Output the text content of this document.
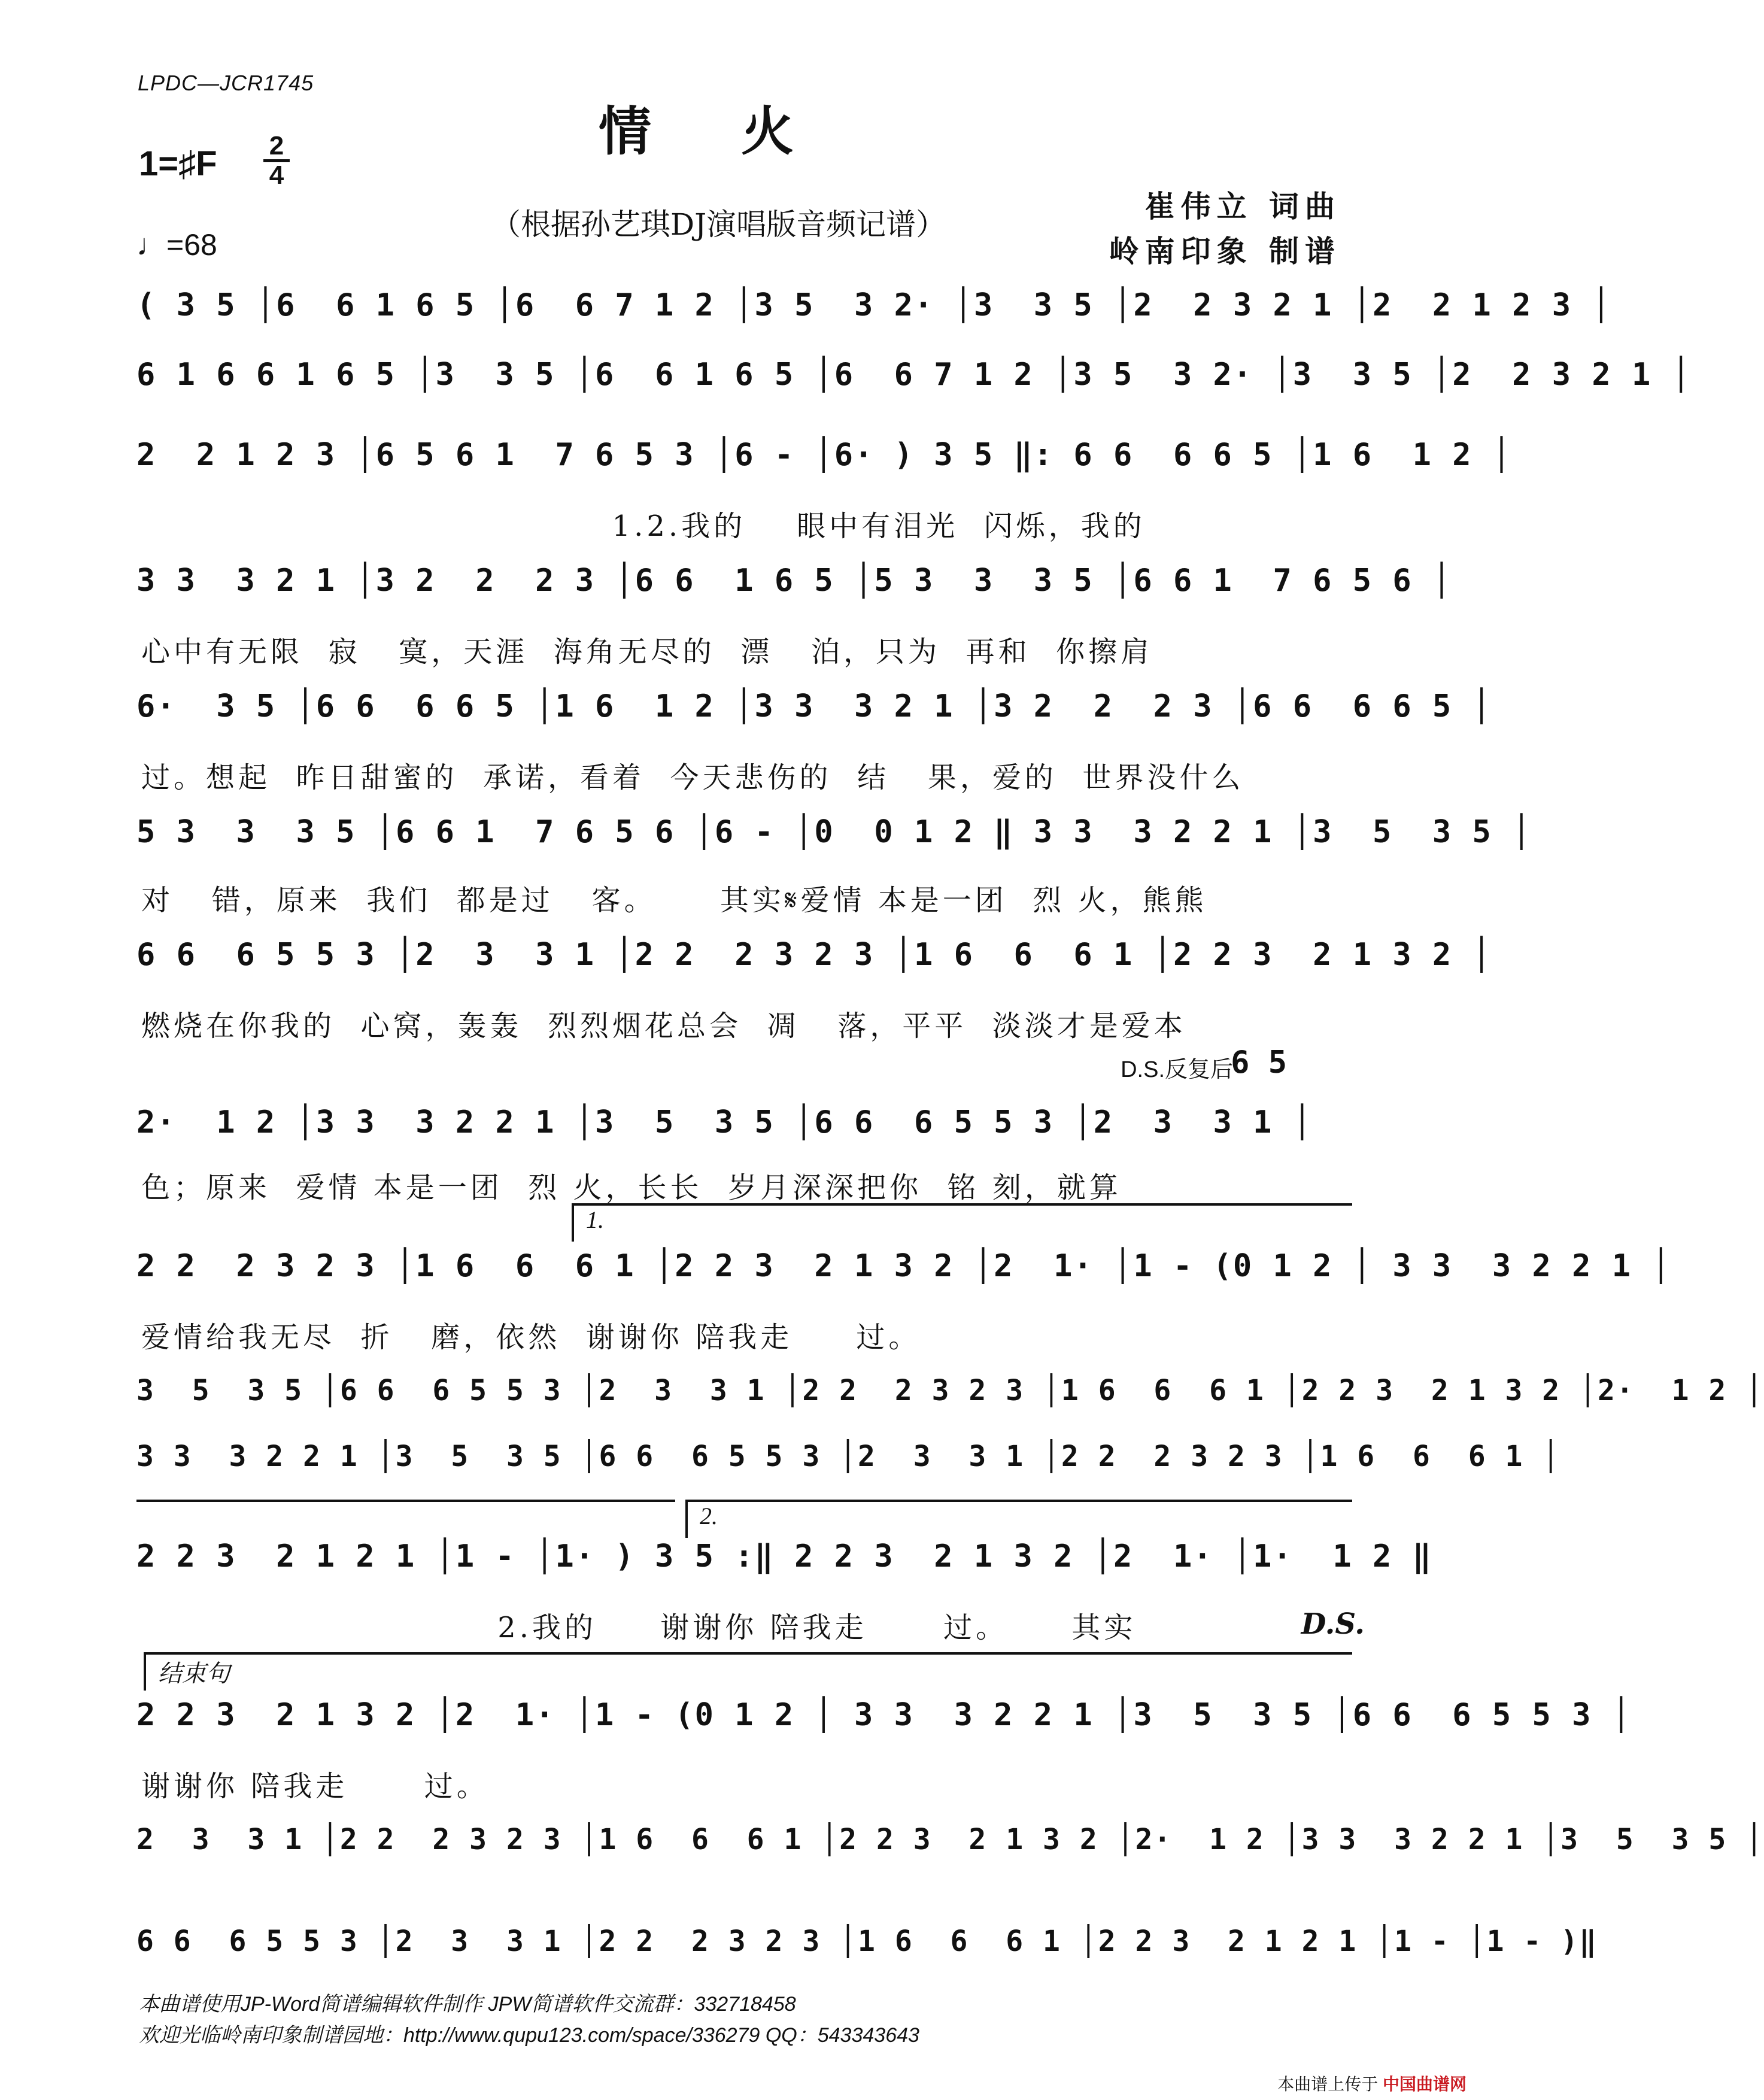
LPDC—JCR1745
情火
1=♯F 2
4
♩=68
（根据孙艺琪DJ演唱版音频记谱）
崔伟立 词曲
岭南印象 制谱
( 3 5 │6  6 1 6 5 │6  6 7 1 2 │3 5  3 2· │3  3 5 │2  2 3 2 1 │2  2 1 2 3 │
6 1 6 6 1 6 5 │3  3 5 │6  6 1 6 5 │6  6 7 1 2 │3 5  3 2· │3  3 5 │2  2 3 2 1 │
2  2 1 2 3 │6 5 6 1  7 6 5 3 │6 - │6· ) 3 5 ‖: 6 6  6 6 5 │1 6  1 2 │
1.2.我的    眼中有泪光  闪烁，我的
3 3  3 2 1 │3 2  2  2 3 │6 6  1 6 5 │5 3  3  3 5 │6 6 1  7 6 5 6 │
心中有无限  寂   寞，天涯  海角无尽的  漂   泊，只为  再和  你擦肩
6·  3 5 │6 6  6 6 5 │1 6  1 2 │3 3  3 2 1 │3 2  2  2 3 │6 6  6 6 5 │
过。想起  昨日甜蜜的  承诺，看着  今天悲伤的  结   果，爱的  世界没什么
5 3  3  3 5 │6 6 1  7 6 5 6 │6 - │0  0 1 2 ‖ 3 3  3 2 2 1 │3  5  3 5 │
对   错，原来  我们  都是过   客。     其实𝄋爱情 本是一团  烈 火，熊熊
6 6  6 5 5 3 │2  3  3 1 │2 2  2 3 2 3 │1 6  6  6 1 │2 2 3  2 1 3 2 │
燃烧在你我的  心窝，轰轰  烈烈烟花总会  凋   落，平平  淡淡才是爱本
D.S.反复后
6 5
2·  1 2 │3 3  3 2 2 1 │3  5  3 5 │6 6  6 5 5 3 │2  3  3 1 │
色；原来  爱情 本是一团  烈 火，长长  岁月深深把你  铭 刻，就算
1.
2 2  2 3 2 3 │1 6  6  6 1 │2 2 3  2 1 3 2 │2  1· │1 - (0 1 2 │ 3 3  3 2 2 1 │
爱情给我无尽  折   磨，依然  谢谢你 陪我走     过。
3  5  3 5 │6 6  6 5 5 3 │2  3  3 1 │2 2  2 3 2 3 │1 6  6  6 1 │2 2 3  2 1 3 2 │2·  1 2 │
3 3  3 2 2 1 │3  5  3 5 │6 6  6 5 5 3 │2  3  3 1 │2 2  2 3 2 3 │1 6  6  6 1 │
2.
2 2 3  2 1 2 1 │1 - │1· ) 3 5 :‖ 2 2 3  2 1 3 2 │2  1· │1·  1 2 ‖
2.我的     谢谢你 陪我走      过。     其实	D.S.
结束句
2 2 3  2 1 3 2 │2  1· │1 - (0 1 2 │ 3 3  3 2 2 1 │3  5  3 5 │6 6  6 5 5 3 │
谢谢你 陪我走      过。
2  3  3 1 │2 2  2 3 2 3 │1 6  6  6 1 │2 2 3  2 1 3 2 │2·  1 2 │3 3  3 2 2 1 │3  5  3 5 │
6 6  6 5 5 3 │2  3  3 1 │2 2  2 3 2 3 │1 6  6  6 1 │2 2 3  2 1 2 1 │1 - │1 - )‖
本曲谱使用JP-Word简谱编辑软件制作 JPW简谱软件交流群：332718458
欢迎光临岭南印象制谱园地：http://www.qupu123.com/space/336279 QQ：543343643
本曲谱上传于 中国曲谱网
